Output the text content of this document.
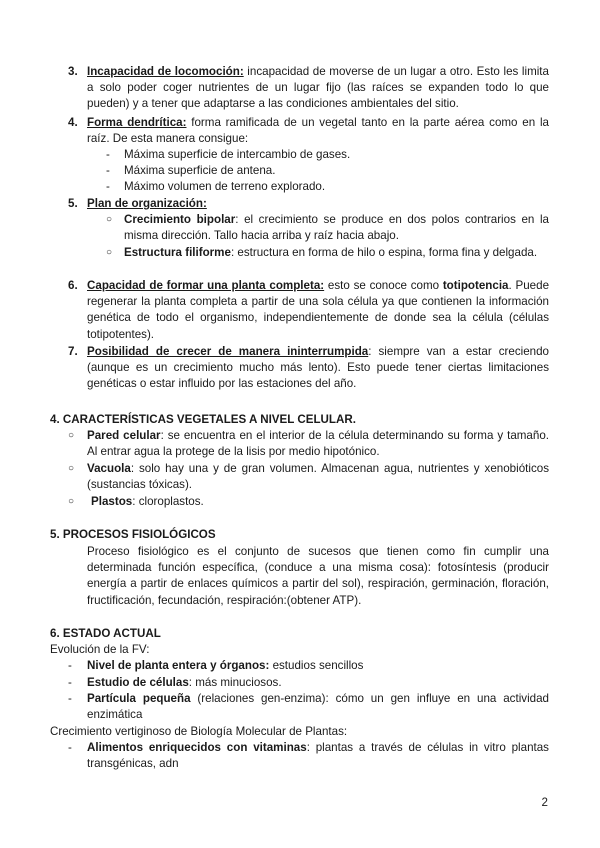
3. Incapacidad de locomoción: incapacidad de moverse de un lugar a otro. Esto les limita a solo poder coger nutrientes de un lugar fijo (las raíces se expanden todo lo que pueden) y a tener que adaptarse a las condiciones ambientales del sitio.
4. Forma dendrítica: forma ramificada de un vegetal tanto en la parte aérea como en la raíz. De esta manera consigue:
- Máxima superficie de intercambio de gases.
- Máxima superficie de antena.
- Máximo volumen de terreno explorado.
5. Plan de organización:
○ Crecimiento bipolar: el crecimiento se produce en dos polos contrarios en la misma dirección. Tallo hacia arriba y raíz hacia abajo.
○ Estructura filiforme: estructura en forma de hilo o espina, forma fina y delgada.
6. Capacidad de formar una planta completa: esto se conoce como totipotencia. Puede regenerar la planta completa a partir de una sola célula ya que contienen la información genética de todo el organismo, independientemente de donde sea la célula (células totipotentes).
7. Posibilidad de crecer de manera ininterrumpida: siempre van a estar creciendo (aunque es un crecimiento mucho más lento). Esto puede tener ciertas limitaciones genéticas o estar influido por las estaciones del año.
4. CARACTERÍSTICAS VEGETALES A NIVEL CELULAR.
○ Pared celular: se encuentra en el interior de la célula determinando su forma y tamaño. Al entrar agua la protege de la lisis por medio hipotónico.
○ Vacuola: solo hay una y de gran volumen. Almacenan agua, nutrientes y xenobióticos (sustancias tóxicas).
○ Plastos: cloroplastos.
5. PROCESOS FISIOLÓGICOS
Proceso fisiológico es el conjunto de sucesos que tienen como fin cumplir una determinada función específica, (conduce a una misma cosa): fotosíntesis (producir energía a partir de enlaces químicos a partir del sol), respiración, germinación, floración, fructificación, fecundación, respiración:(obtener ATP).
6. ESTADO ACTUAL
Evolución de la FV:
- Nivel de planta entera y órganos: estudios sencillos
- Estudio de células: más minuciosos.
- Partícula pequeña (relaciones gen-enzima): cómo un gen influye en una actividad enzimática
Crecimiento vertiginoso de Biología Molecular de Plantas:
- Alimentos enriquecidos con vitaminas: plantas a través de células in vitro plantas transgénicas, adn
2
